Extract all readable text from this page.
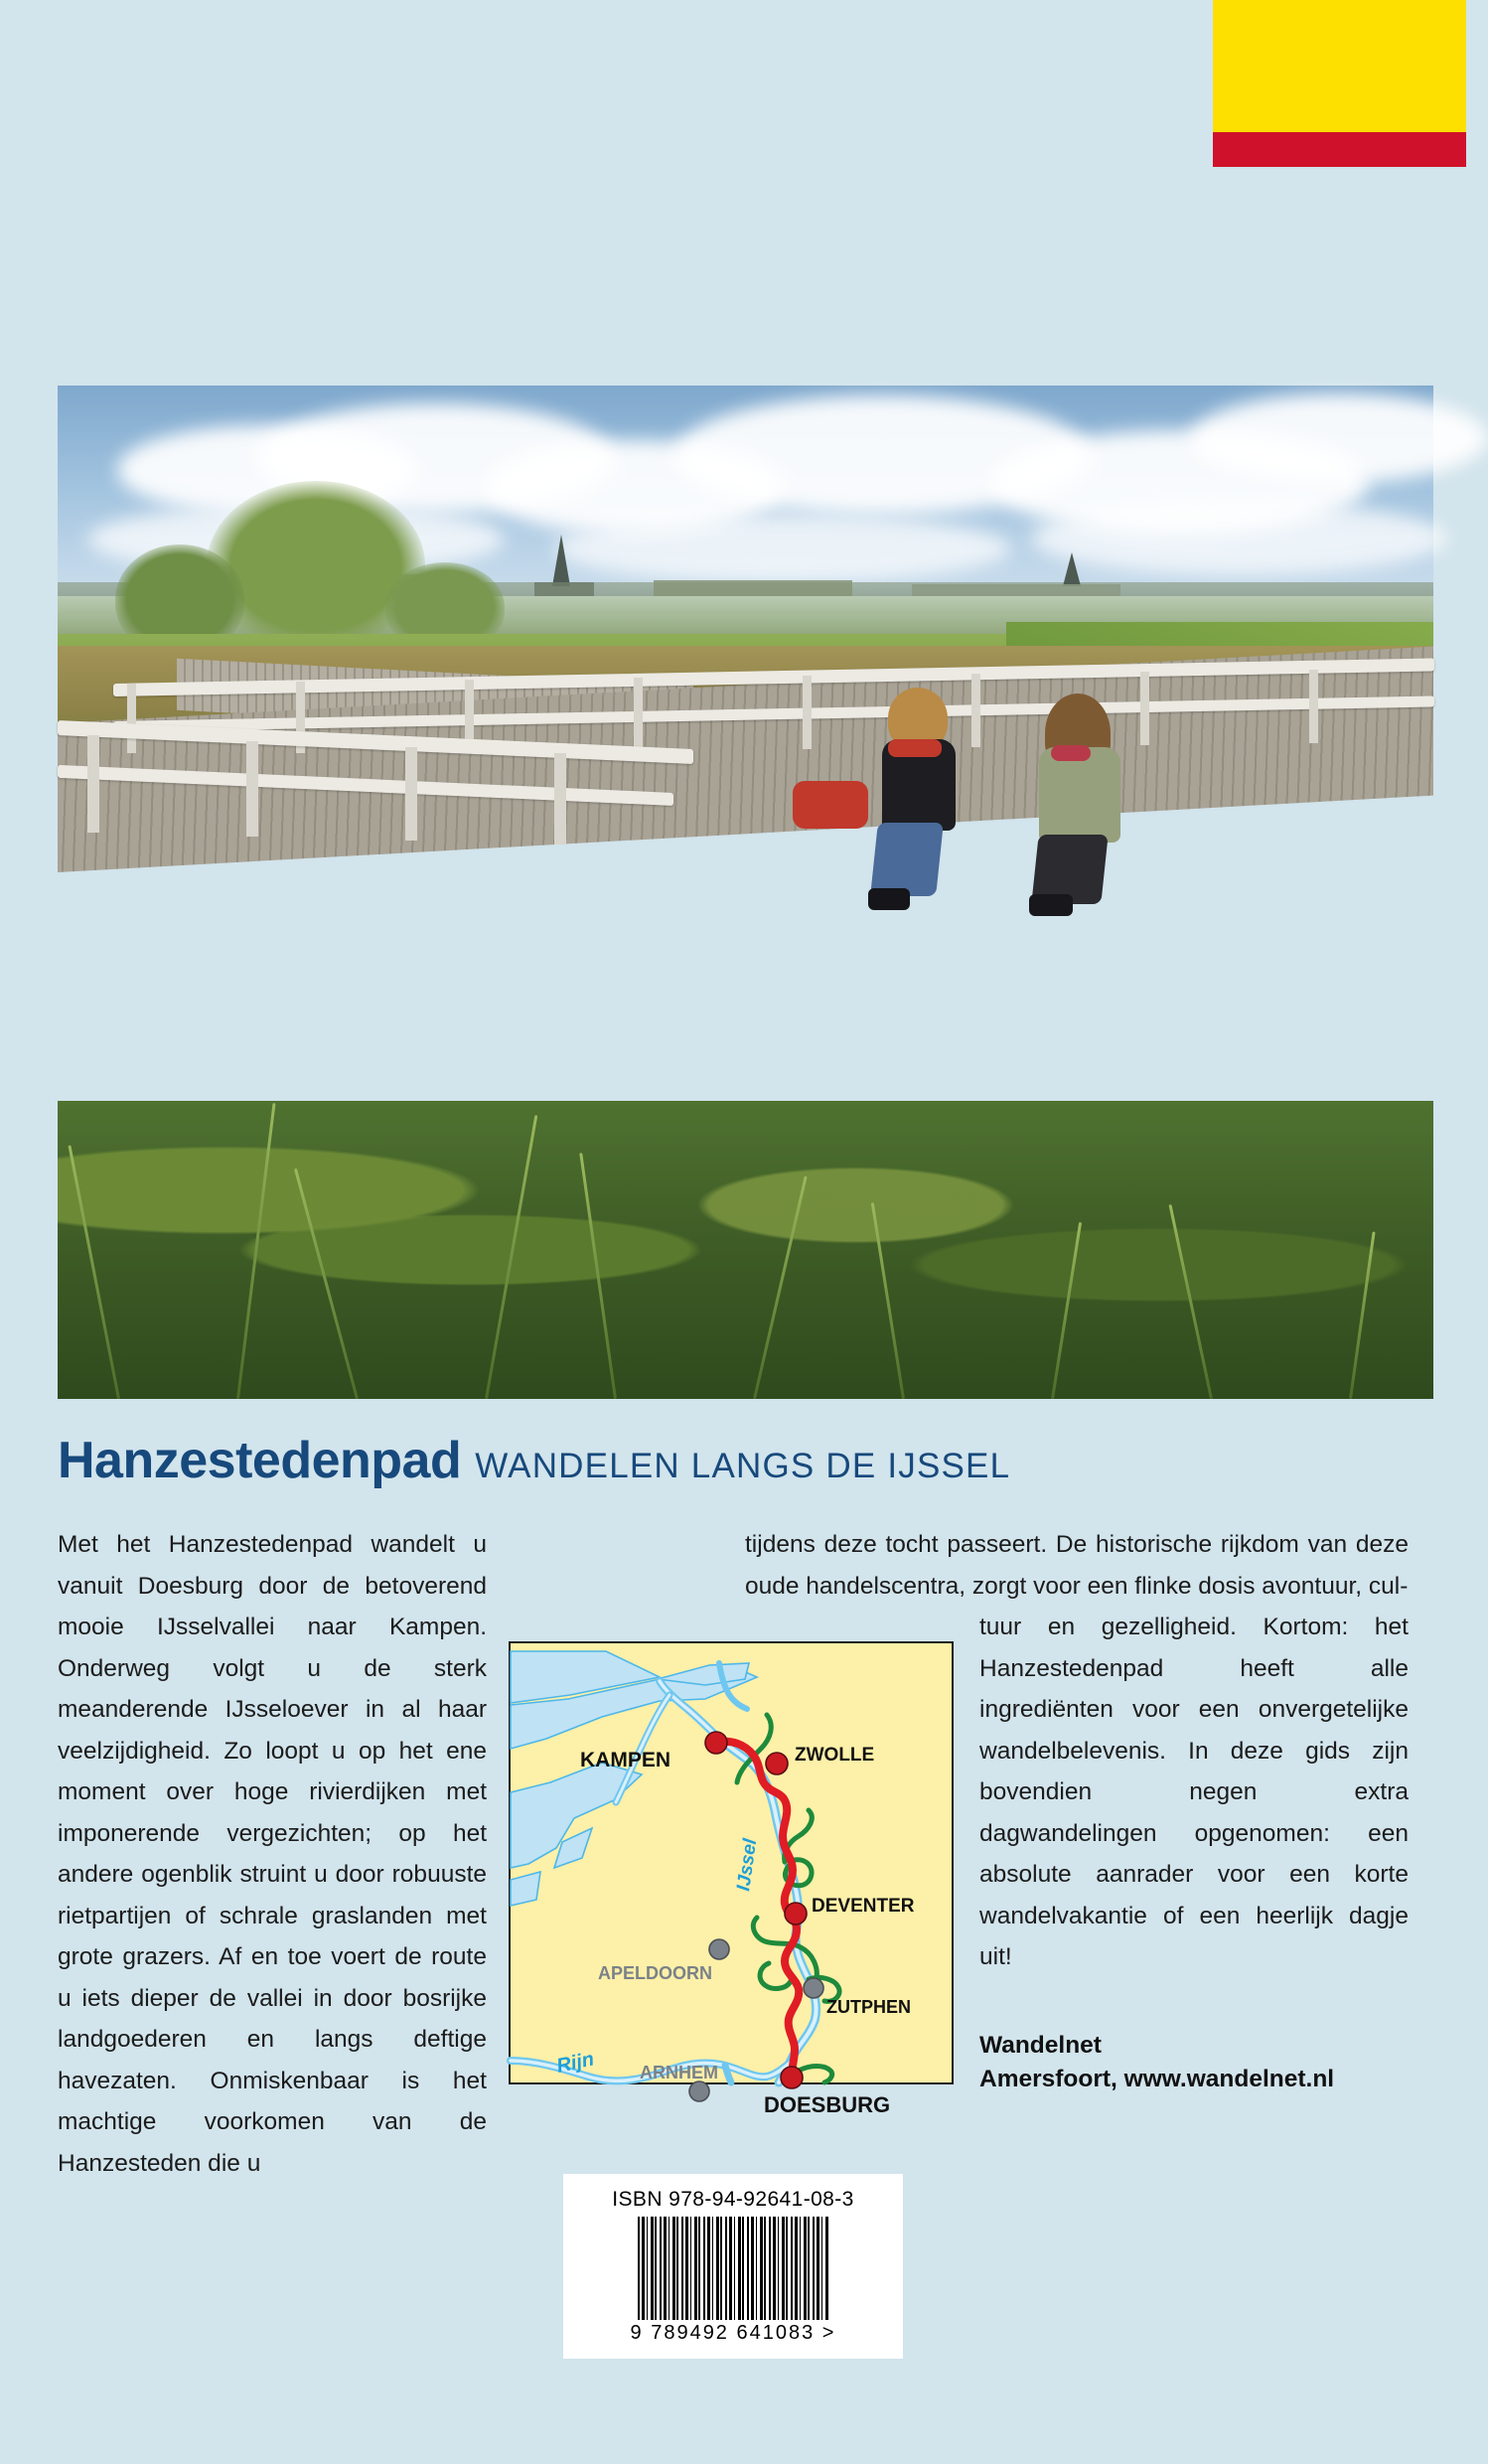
Hanzestedenpad WANDELEN LANGS DE IJSSEL
Met het Hanzestedenpad wandelt u vanuit Doesburg door de betoverend mooie IJsselvallei naar Kampen. Onderweg volgt u de sterk meanderende IJsseloever in al haar veelzijdigheid. Zo loopt u op het ene moment over hoge rivierdijken met imponerende vergezichten; op het andere ogenblik struint u door robuuste rietpartijen of schrale graslanden met grote grazers. Af en toe voert de route u iets dieper de vallei in door bosrijke landgoederen en langs deftige havezaten. Onmiskenbaar is het machtige voorkomen van de Hanzesteden die u
tijdens deze tocht passeert. De historische rijkdom van deze oude handelscentra, zorgt voor een flinke dosis avontuur, cul-
tuur en gezelligheid. Kortom: het Hanzestedenpad heeft alle ingrediënten voor een onvergetelijke wandelbelevenis. In deze gids zijn bovendien negen extra dagwandelingen opgenomen: een absolute aanrader voor een korte wandelvakantie of een heerlijk dagje uit!
Wandelnet
Amersfoort, www.wandelnet.nl
KAMPEN	ZWOLLE
DEVENTER
ZUTPHEN
APELDOORN
ARNHEM
DOESBURG
IJssel
Rijn
ISBN 978-94-92641-08-3
9 789492 641083 >
